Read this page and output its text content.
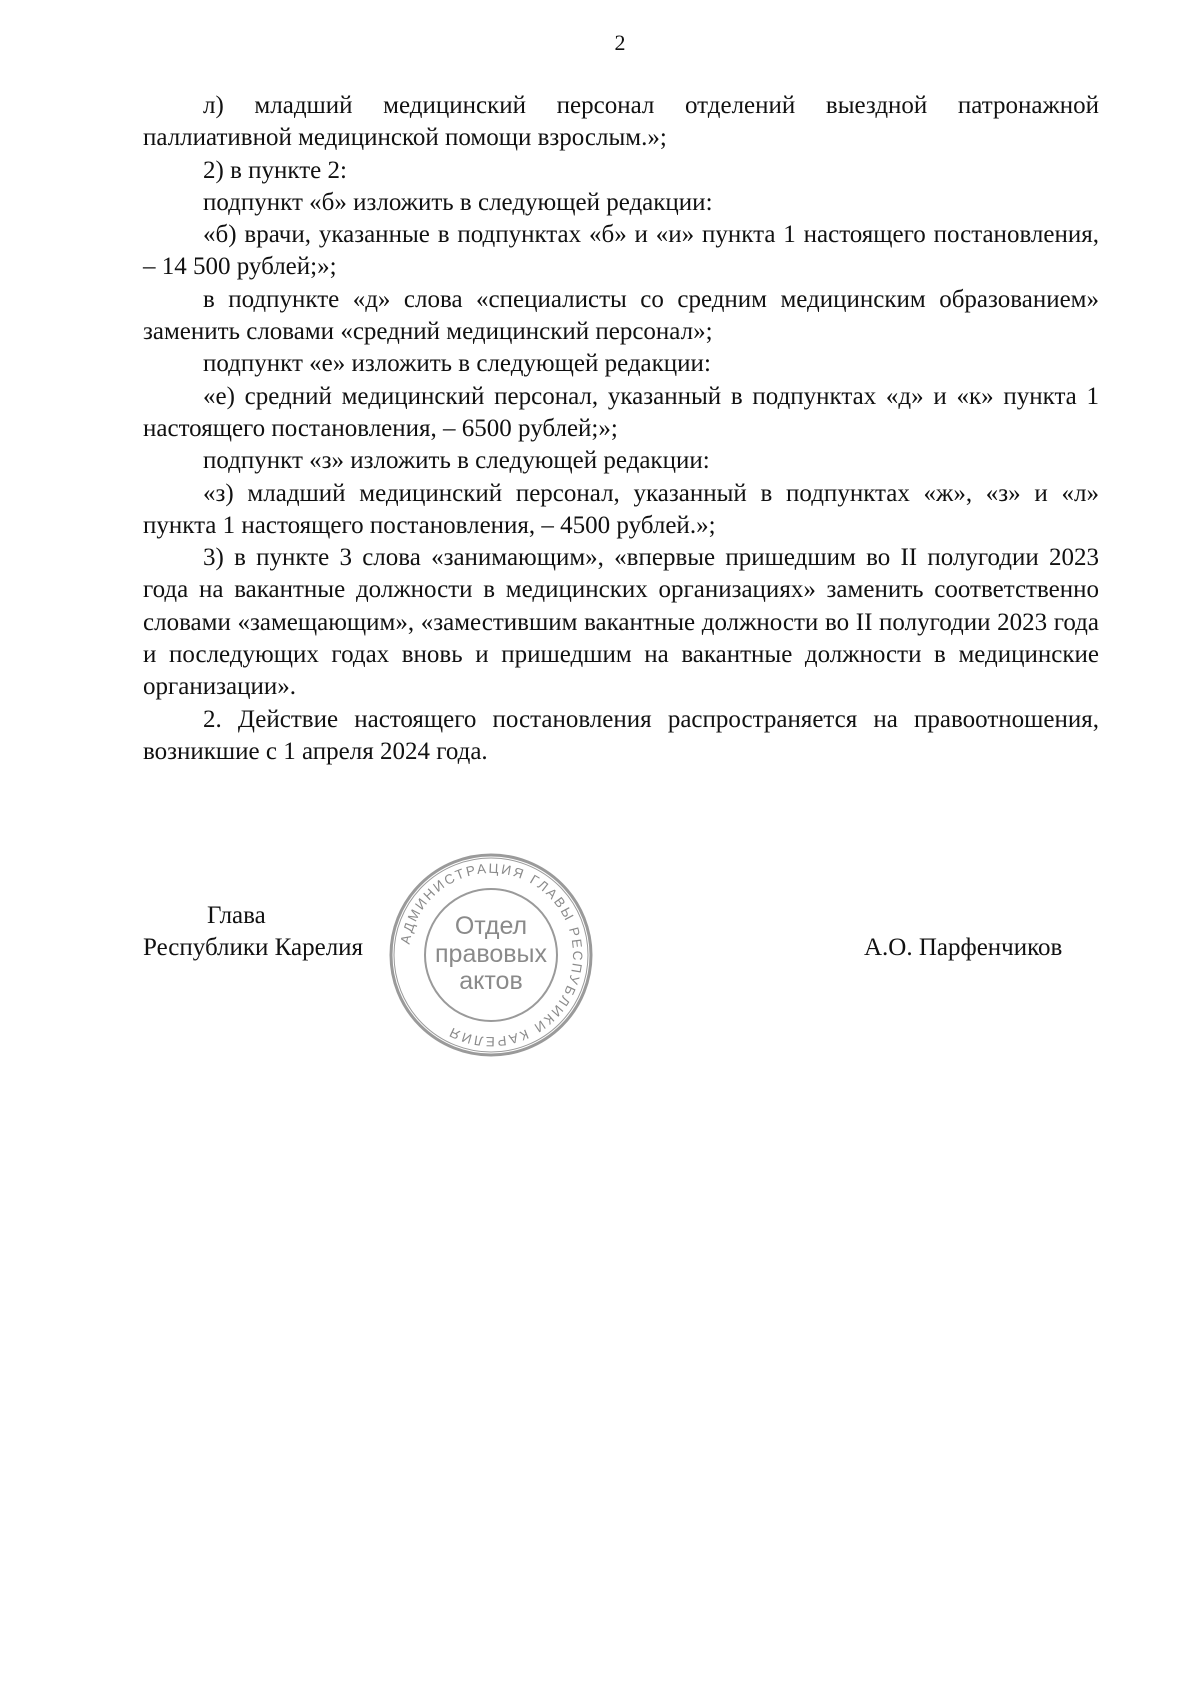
2

л) младший медицинский персонал отделений выездной патронажной паллиативной медицинской помощи взрослым.»;

2) в пункте 2:

подпункт «б» изложить в следующей редакции:

«б) врачи, указанные в подпунктах «б» и «и» пункта 1 настоящего постановления, – 14 500 рублей;»;

в подпункте «д» слова «специалисты со средним медицинским образованием» заменить словами «средний медицинский персонал»;

подпункт «е» изложить в следующей редакции:

«е) средний медицинский персонал, указанный в подпунктах «д» и «к» пункта 1 настоящего постановления, – 6500 рублей;»;

подпункт «з» изложить в следующей редакции:

«з) младший медицинский персонал, указанный в подпунктах «ж», «з» и «л» пункта 1 настоящего постановления, – 4500 рублей.»;

3) в пункте 3 слова «занимающим», «впервые пришедшим во II полугодии 2023 года на вакантные должности в медицинских организациях» заменить соответственно словами «замещающим», «заместившим вакантные должности во II полугодии 2023 года и последующих годах вновь и пришедшим на вакантные должности в медицинские организации».

2. Действие настоящего постановления распространяется на правоотношения, возникшие с 1 апреля 2024 года.

Глава
Республики Карелия	А.О. Парфенчиков
АДМИНИСТРАЦИЯ ГЛАВЫ РЕСПУБЛИКИ КАРЕЛИЯ
Отдел
правовых
актов
